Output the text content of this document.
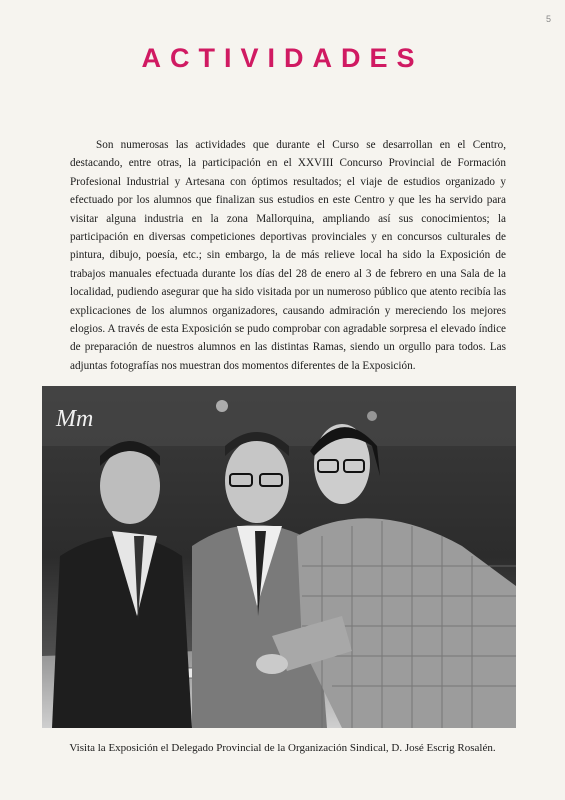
5
ACTIVIDADES

Son numerosas las actividades que durante el Curso se desarrollan en el Centro, destacando, entre otras, la participación en el XXVIII Concurso Provincial de Formación Profesional Industrial y Artesana con óptimos resultados; el viaje de estudios organizado y efectuado por los alumnos que finalizan sus estudios en este Centro y que les ha servido para visitar alguna industria en la zona Mallorquina, ampliando así sus conocimientos; la participación en diversas competiciones deportivas provinciales y en concursos culturales de pintura, dibujo, poesía, etc.; sin embargo, la de más relieve local ha sido la Exposición de trabajos manuales efectuada durante los días del 28 de enero al 3 de febrero en una Sala de la localidad, pudiendo asegurar que ha sido visitada por un numeroso público que atento recibía las explicaciones de los alumnos organizadores, causando admiración y mereciendo los mejores elogios. A través de esta Exposición se pudo comprobar con agradable sorpresa el elevado índice de preparación de nuestros alumnos en las distintas Ramas, siendo un orgullo para todos. Las adjuntas fotografías nos muestran dos momentos diferentes de la Exposición.

Mm

Visita la Exposición el Delegado Provincial de la Organización Sindical, D. José Escrig Rosalén.
